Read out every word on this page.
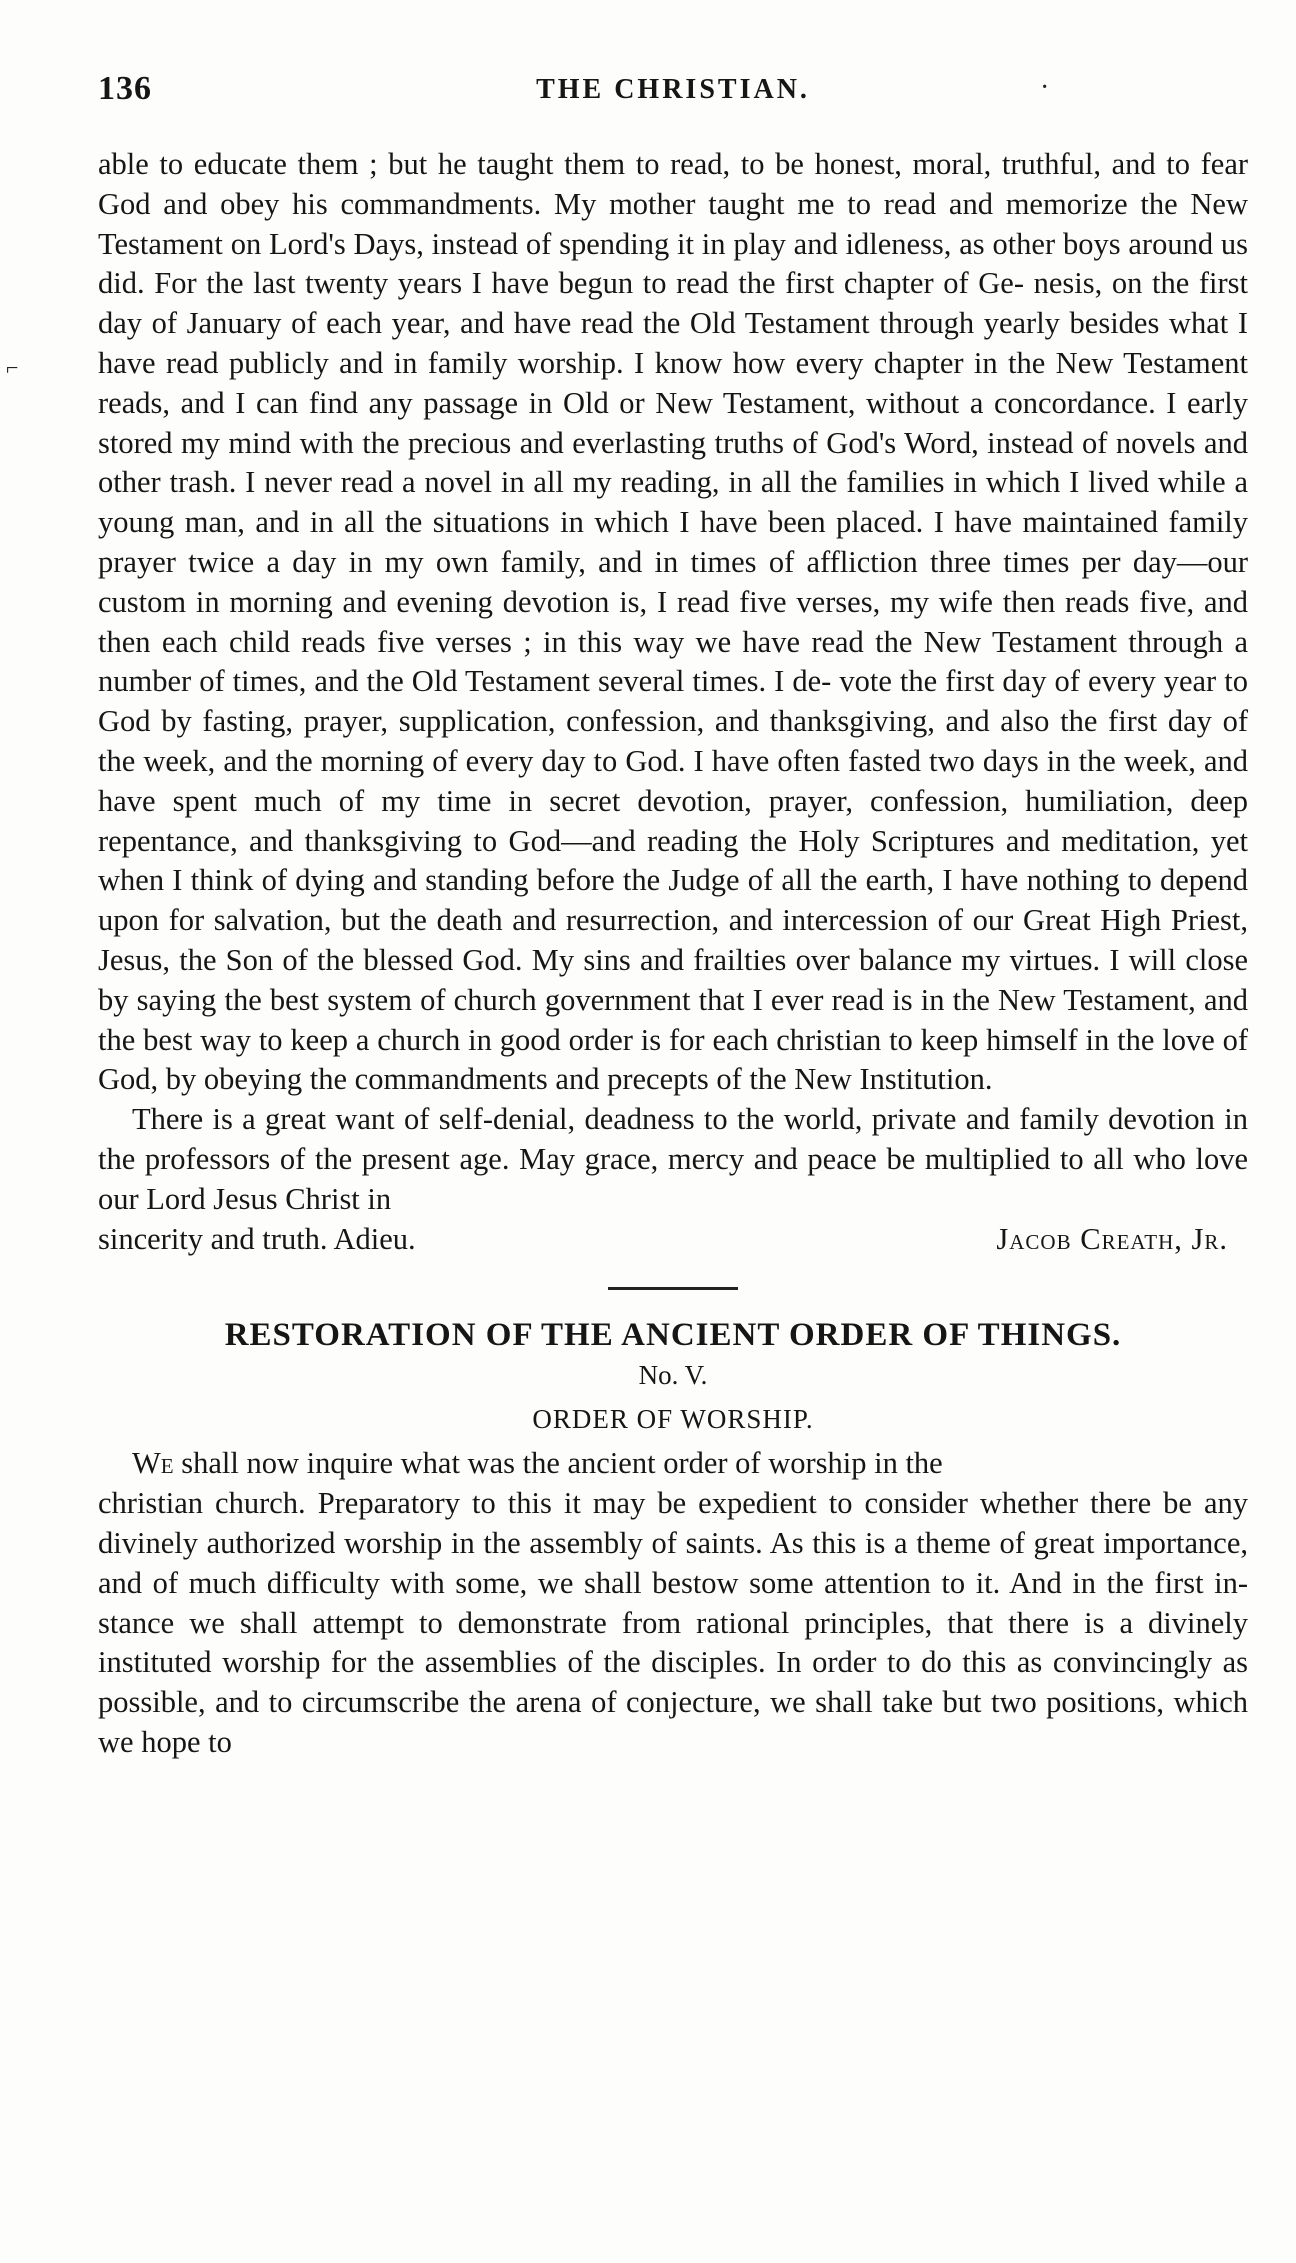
136	THE CHRISTIAN.	·
⌐

able to educate them ; but he taught them to read, to be honest, moral, truthful, and to fear God and obey his commandments. My mother taught me to read and memorize the New Testament on Lord's Days, instead of spending it in play and idleness, as other boys around us did. For the last twenty years I have begun to read the first chapter of Ge- nesis, on the first day of January of each year, and have read the Old Testament through yearly besides what I have read publicly and in family worship. I know how every chapter in the New Testament reads, and I can find any passage in Old or New Testament, without a concordance. I early stored my mind with the precious and everlasting truths of God's Word, instead of novels and other trash. I never read a novel in all my reading, in all the families in which I lived while a young man, and in all the situations in which I have been placed. I have maintained family prayer twice a day in my own family, and in times of affliction three times per day—our custom in morning and evening devotion is, I read five verses, my wife then reads five, and then each child reads five verses ; in this way we have read the New Testament through a number of times, and the Old Testament several times. I de- vote the first day of every year to God by fasting, prayer, supplication, confession, and thanksgiving, and also the first day of the week, and the morning of every day to God. I have often fasted two days in the week, and have spent much of my time in secret devotion, prayer, confession, humiliation, deep repentance, and thanksgiving to God—and reading the Holy Scriptures and meditation, yet when I think of dying and standing before the Judge of all the earth, I have nothing to depend upon for salvation, but the death and resurrection, and intercession of our Great High Priest, Jesus, the Son of the blessed God. My sins and frailties over balance my virtues. I will close by saying the best system of church government that I ever read is in the New Testament, and the best way to keep a church in good order is for each christian to keep himself in the love of God, by obeying the commandments and precepts of the New Institution.

There is a great want of self-denial, deadness to the world, private and family devotion in the professors of the present age. May grace, mercy and peace be multiplied to all who love our Lord Jesus Christ in

sincerity and truth. Adieu.	Jacob Creath, Jr.
RESTORATION OF THE ANCIENT ORDER OF THINGS.
No. V.
ORDER OF WORSHIP.

We shall now inquire what was the ancient order of worship in the

christian church. Preparatory to this it may be expedient to consider whether there be any divinely authorized worship in the assembly of saints. As this is a theme of great importance, and of much difficulty with some, we shall bestow some attention to it. And in the first in- stance we shall attempt to demonstrate from rational principles, that there is a divinely instituted worship for the assemblies of the disciples. In order to do this as convincingly as possible, and to circumscribe the arena of conjecture, we shall take but two positions, which we hope to
